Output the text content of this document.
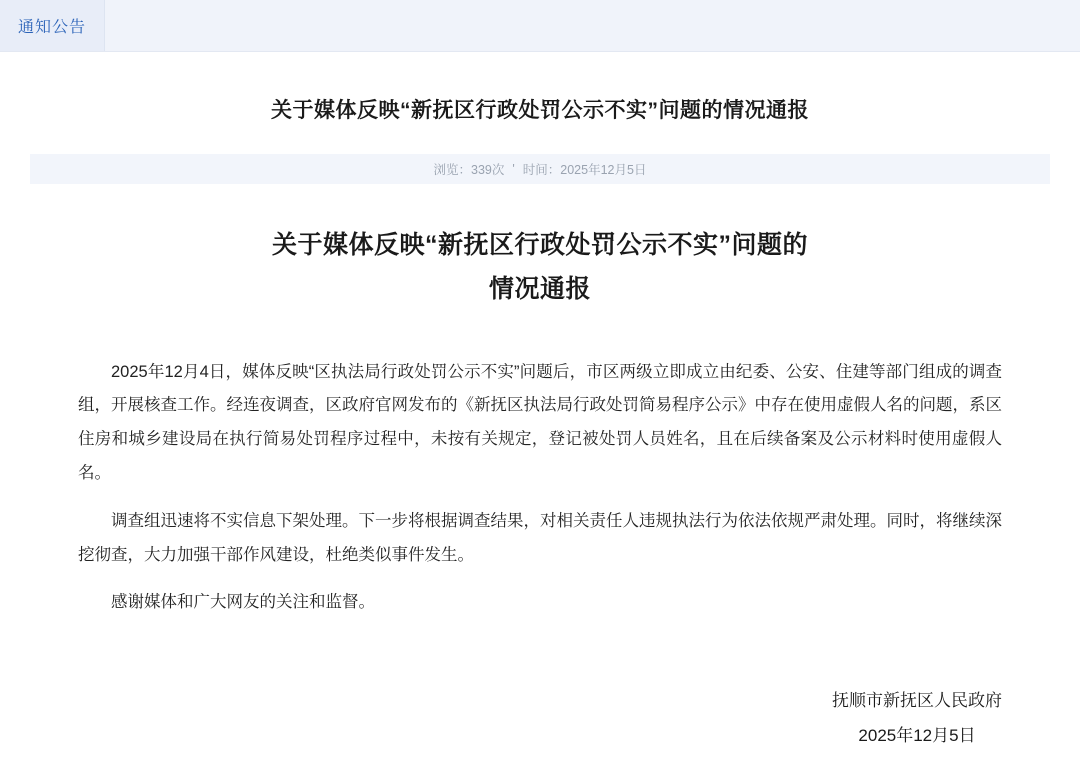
通知公告
关于媒体反映“新抚区行政处罚公示不实”问题的情况通报
浏览：339次 ' 时间：2025年12月5日
关于媒体反映“新抚区行政处罚公示不实”问题的
情况通报

2025年12月4日，媒体反映“区执法局行政处罚公示不实”问题后，市区两级立即成立由纪委、公安、住建等部门组成的调查组，开展核查工作。经连夜调查，区政府官网发布的《新抚区执法局行政处罚简易程序公示》中存在使用虚假人名的问题，系区住房和城乡建设局在执行简易处罚程序过程中，未按有关规定，登记被处罚人员姓名，且在后续备案及公示材料时使用虚假人名。

调查组迅速将不实信息下架处理。下一步将根据调查结果，对相关责任人违规执法行为依法依规严肃处理。同时，将继续深挖彻查，大力加强干部作风建设，杜绝类似事件发生。

感谢媒体和广大网友的关注和监督。

抚顺市新抚区人民政府
2025年12月5日
